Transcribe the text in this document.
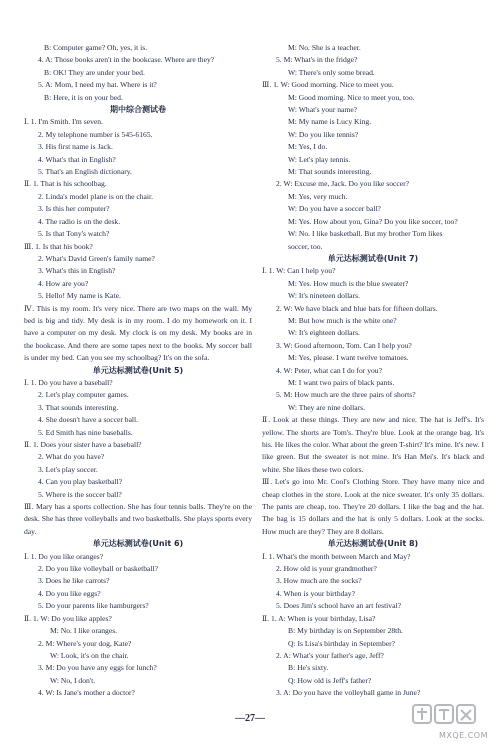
B: Computer game? Oh, yes, it is.
4. A: Those books aren't in the bookcase. Where are they?
B: OK! They are under your bed.
5. A: Mom, I need my hat. Where is it?
B: Here, it is on your bed.
期中综合测试卷
Ⅰ. 1. I'm Smith. I'm seven.
2. My telephone number is 545-6165.
3. His first name is Jack.
4. What's that in English?
5. That's an English dictionary.
Ⅱ. 1. That is his schoolbag.
2. Linda's model plane is on the chair.
3. Is this her computer?
4. The radio is on the desk.
5. Is that Tony's watch?
Ⅲ. 1. Is that his book?
2. What's David Green's family name?
3. What's this in English?
4. How are you?
5. Hello! My name is Kate.
Ⅳ. This is my room. It's very nice. There are two maps on the wall. My bed is big and tidy. My desk is in my room. I do my homework on it. I have a computer on my desk. My clock is on my desk. My books are in the bookcase. And there are some tapes next to the books. My soccer ball is under my bed. Can you see my schoolbag? It's on the sofa.
单元达标测试卷(Unit 5)
Ⅰ. 1. Do you have a baseball?
2. Let's play computer games.
3. That sounds interesting.
4. She doesn't have a soccer ball.
5. Ed Smith has nine baseballs.
Ⅱ. 1. Does your sister have a baseball?
2. What do you have?
3. Let's play soccer.
4. Can you play basketball?
5. Where is the soccer ball?
Ⅲ. Mary has a sports collection. She has four tennis balls. They're on the desk. She has three volleyballs and two basketballs. She plays sports every day.
单元达标测试卷(Unit 6)
Ⅰ. 1. Do you like oranges?
2. Do you like volleyball or basketball?
3. Does he like carrots?
4. Do you like eggs?
5. Do your parents like hamburgers?
Ⅱ. 1. W: Do you like apples?
M: No. I like oranges.
2. M: Where's your dog, Kate?
W: Look, it's on the chair.
3. M: Do you have any eggs for lunch?
W: No, I don't.
4. W: Is Jane's mother a doctor?
M: No. She is a teacher.
5. M: What's in the fridge?
W: There's only some bread.
Ⅲ. 1. W: Good morning. Nice to meet you.
M: Good morning. Nice to meet you, too.
W: What's your name?
M: My name is Lucy King.
W: Do you like tennis?
M: Yes, I do.
W: Let's play tennis.
M: That sounds interesting.
2. W: Excuse me, Jack. Do you like soccer?
M: Yes, very much.
W: Do you have a soccer ball?
M: Yes. How about you, Gina? Do you like soccer, too?
W: No. I like basketball. But my brother Tom likes
soccer, too.
单元达标测试卷(Unit 7)
Ⅰ. 1. W: Can I help you?
M: Yes. How much is the blue sweater?
W: It's nineteen dollars.
2. W: We have black and blue bats for fifteen dollars.
M: But how much is the white one?
W: It's eighteen dollars.
3. W: Good afternoon, Tom. Can I help you?
M: Yes, please. I want twelve tomatoes.
4. W: Peter, what can I do for you?
M: I want two pairs of black pants.
5. M: How much are the three pairs of shorts?
W: They are nine dollars.
Ⅱ. Look at these things. They are new and nice. The hat is Jeff's. It's yellow. The shorts are Tom's. They're blue. Look at the orange bag. It's his. He likes the color. What about the green T-shirt? It's mine. It's new. I like green. But the sweater is not mine. It's Han Mei's. It's black and white. She likes these two colors.
Ⅲ. Let's go into Mr. Cool's Clothing Store. They have many nice and cheap clothes in the store. Look at the nice sweater. It's only 35 dollars. The pants are cheap, too. They're 20 dollars. I like the bag and the hat. The bag is 15 dollars and the hat is only 5 dollars. Look at the socks. How much are they? They are 8 dollars.
单元达标测试卷(Unit 8)
Ⅰ. 1. What's the month between March and May?
2. How old is your grandmother?
3. How much are the socks?
4. When is your birthday?
5. Does Jim's school have an art festival?
Ⅱ. 1. A: When is your birthday, Lisa?
B: My birthday is on September 28th.
Q: Is Lisa's birthday in September?
2. A: What's your father's age, Jeff?
B: He's sixty.
Q: How old is Jeff's father?
3. A: Do you have the volleyball game in June?
—27—
MXQE.COM
